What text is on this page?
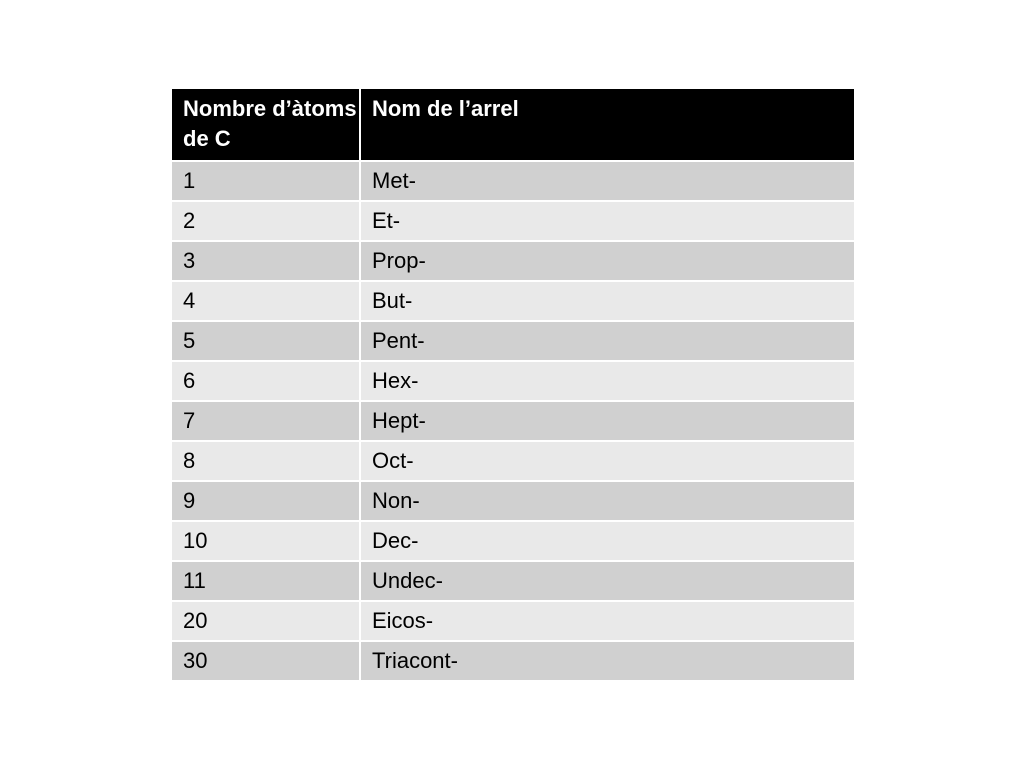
Nombre d’àtoms de C	Nom de l’arrel
1	Met-
2	Et-
3	Prop-
4	But-
5	Pent-
6	Hex-
7	Hept-
8	Oct-
9	Non-
10	Dec-
11	Undec-
20	Eicos-
30	Triacont-
